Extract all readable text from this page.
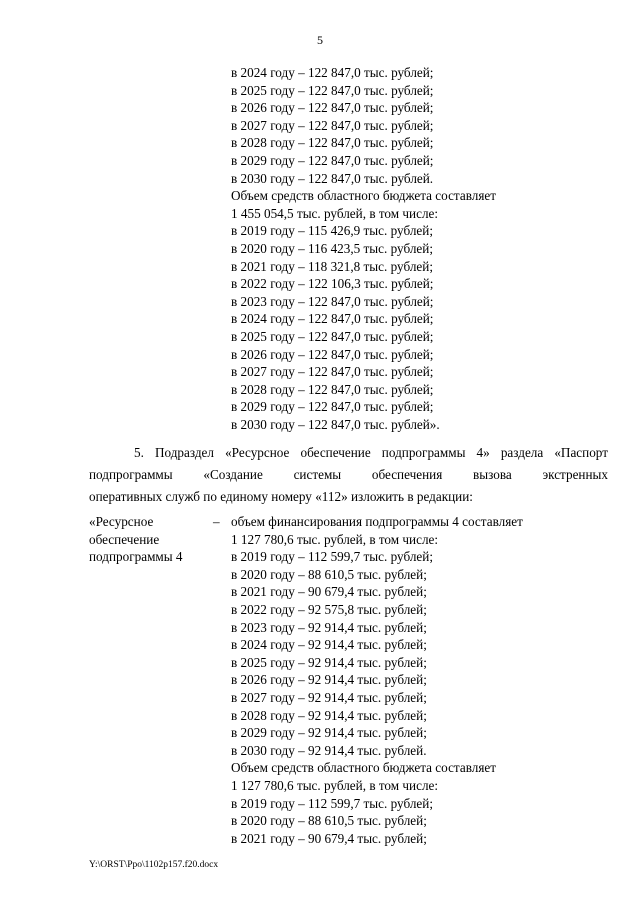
5
в 2024 году – 122 847,0 тыс. рублей;
в 2025 году – 122 847,0 тыс. рублей;
в 2026 году – 122 847,0 тыс. рублей;
в 2027 году – 122 847,0 тыс. рублей;
в 2028 году – 122 847,0 тыс. рублей;
в 2029 году – 122 847,0 тыс. рублей;
в 2030 году – 122 847,0 тыс. рублей.
Объем средств областного бюджета составляет
1 455 054,5 тыс. рублей, в том числе:
в 2019 году – 115 426,9 тыс. рублей;
в 2020 году – 116 423,5 тыс. рублей;
в 2021 году – 118 321,8 тыс. рублей;
в 2022 году – 122 106,3 тыс. рублей;
в 2023 году – 122 847,0 тыс. рублей;
в 2024 году – 122 847,0 тыс. рублей;
в 2025 году – 122 847,0 тыс. рублей;
в 2026 году – 122 847,0 тыс. рублей;
в 2027 году – 122 847,0 тыс. рублей;
в 2028 году – 122 847,0 тыс. рублей;
в 2029 году – 122 847,0 тыс. рублей;
в 2030 году – 122 847,0 тыс. рублей».
5. Подраздел «Ресурсное обеспечение подпрограммы 4» раздела «Паспорт
подпрограммы «Создание системы обеспечения вызова экстренных
оперативных служб по единому номеру «112» изложить в редакции:
«Ресурсное
обеспечение
подпрограммы 4
– объем финансирования подпрограммы 4 составляет
1 127 780,6 тыс. рублей, в том числе:
в 2019 году – 112 599,7 тыс. рублей;
в 2020 году – 88 610,5 тыс. рублей;
в 2021 году – 90 679,4 тыс. рублей;
в 2022 году – 92 575,8 тыс. рублей;
в 2023 году – 92 914,4 тыс. рублей;
в 2024 году – 92 914,4 тыс. рублей;
в 2025 году – 92 914,4 тыс. рублей;
в 2026 году – 92 914,4 тыс. рублей;
в 2027 году – 92 914,4 тыс. рублей;
в 2028 году – 92 914,4 тыс. рублей;
в 2029 году – 92 914,4 тыс. рублей;
в 2030 году – 92 914,4 тыс. рублей.
Объем средств областного бюджета составляет
1 127 780,6 тыс. рублей, в том числе:
в 2019 году – 112 599,7 тыс. рублей;
в 2020 году – 88 610,5 тыс. рублей;
в 2021 году – 90 679,4 тыс. рублей;
Y:\ORST\Ppo\1102p157.f20.docx
